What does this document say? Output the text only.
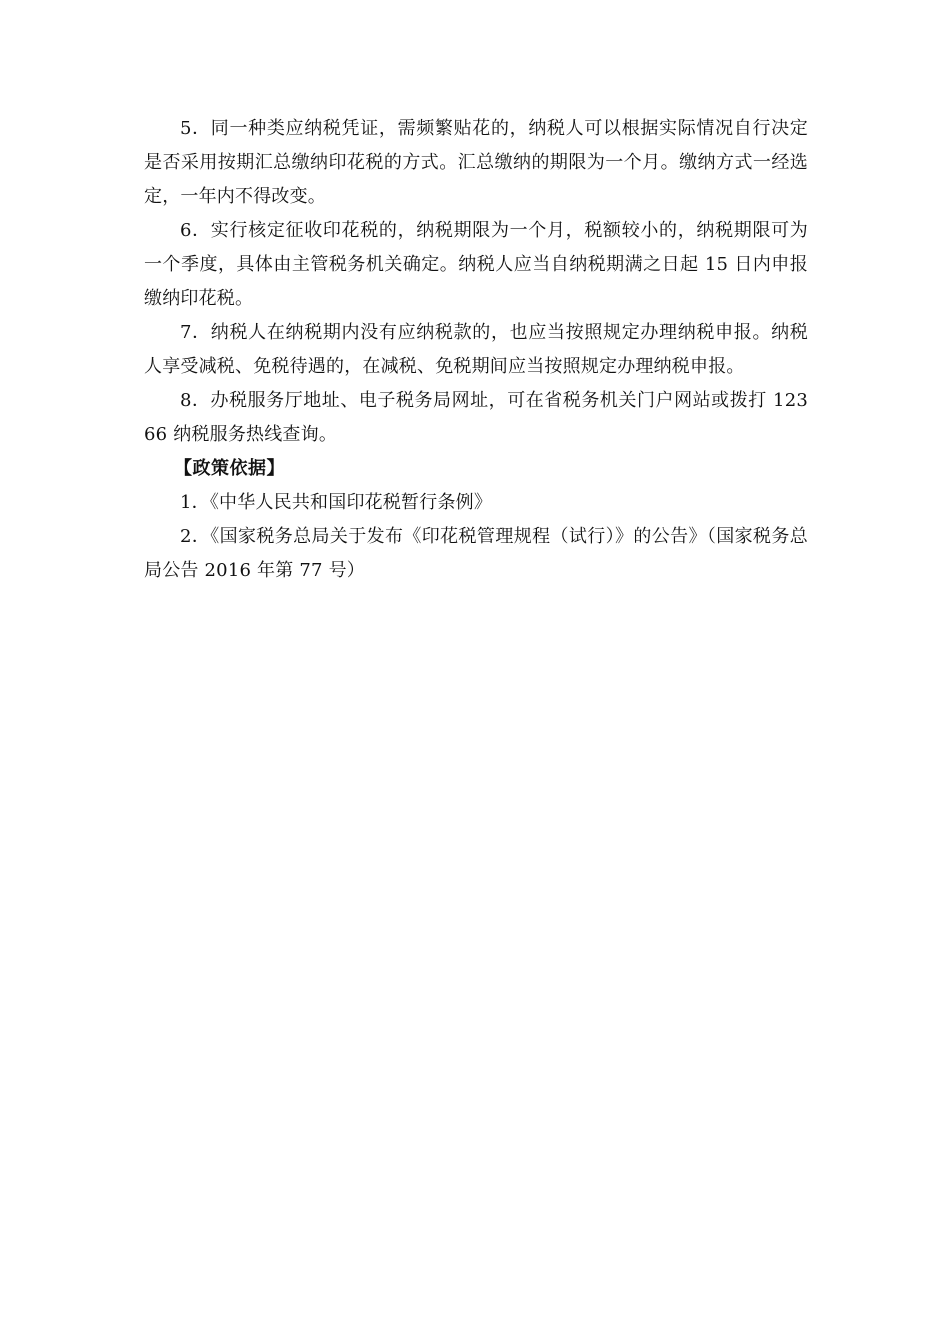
5．同一种类应纳税凭证，需频繁贴花的，纳税人可以根据实际情况自行决定是否采用按期汇总缴纳印花税的方式。汇总缴纳的期限为一个月。缴纳方式一经选定，一年内不得改变。

6．实行核定征收印花税的，纳税期限为一个月，税额较小的，纳税期限可为一个季度，具体由主管税务机关确定。纳税人应当自纳税期满之日起 15 日内申报缴纳印花税。

7．纳税人在纳税期内没有应纳税款的，也应当按照规定办理纳税申报。纳税人享受减税、免税待遇的，在减税、免税期间应当按照规定办理纳税申报。

8．办税服务厅地址、电子税务局网址，可在省税务机关门户网站或拨打 12366 纳税服务热线查询。

【政策依据】

1．《中华人民共和国印花税暂行条例》

2．《国家税务总局关于发布《印花税管理规程（试行）》的公告》（国家税务总局公告 2016 年第 77 号）
